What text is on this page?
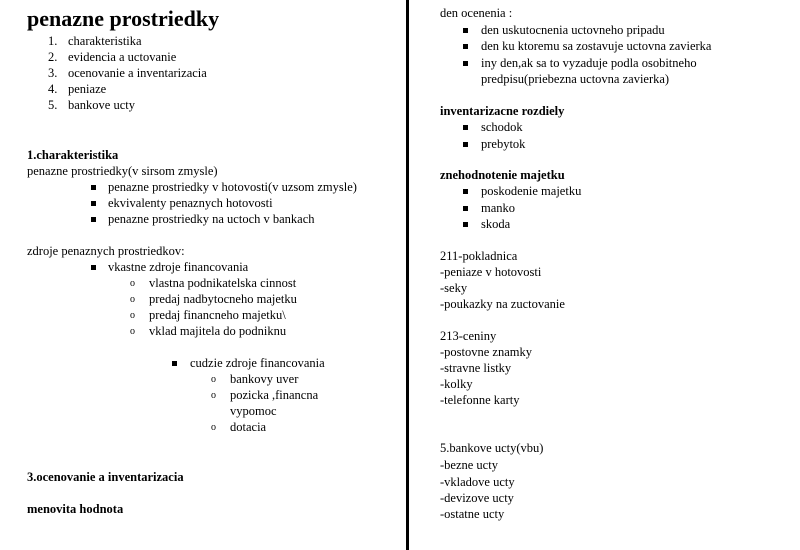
penazne prostriedky
1. charakteristika
2. evidencia a uctovanie
3. ocenovanie a inventarizacia
4. peniaze
5. bankove ucty
1.charakteristika
penazne prostriedky(v sirsom zmysle)
penazne prostriedky v hotovosti(v uzsom zmysle)
ekvivalenty penaznych hotovosti
penazne prostriedky na uctoch v bankach
zdroje penaznych prostriedkov:
vkastne zdroje financovania
o vlastna podnikatelska cinnost
o predaj nadbytocneho majetku
o predaj financneho majetku\
o vklad majitela do podniknu
cudzie zdroje financovania
o bankovy uver
o pozicka ,financna
vypomoc
o dotacia
3.ocenovanie a inventarizacia
menovita hodnota
den ocenenia :
den uskutocnenia uctovneho pripadu
den ku ktoremu sa zostavuje uctovna zavierka
iny den,ak sa to vyzaduje podla osobitneho
predpisu(priebezna uctovna zavierka)
inventarizacne rozdiely
schodok
prebytok
znehodnotenie majetku
poskodenie majetku
manko
skoda
211-pokladnica
-peniaze v hotovosti
-seky
-poukazky na zuctovanie
213-ceniny
-postovne znamky
-stravne listky
-kolky
-telefonne karty
5.bankove ucty(vbu)
-bezne ucty
-vkladove ucty
-devizove ucty
-ostatne ucty
